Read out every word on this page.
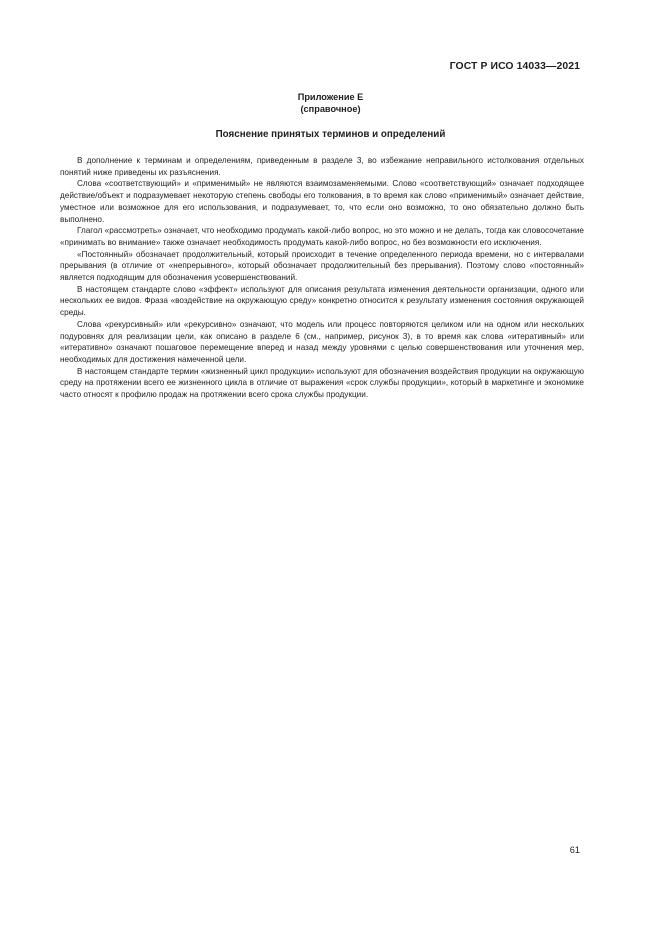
ГОСТ Р ИСО 14033—2021
Приложение Е
(справочное)
Пояснение принятых терминов и определений

В дополнение к терминам и определениям, приведенным в разделе 3, во избежание неправильного истолкования отдельных понятий ниже приведены их разъяснения.

Слова «соответствующий» и «применимый» не являются взаимозаменяемыми. Слово «соответствующий» означает подходящее действие/объект и подразумевает некоторую степень свободы его толкования, в то время как слово «применимый» означает действие, уместное или возможное для его использования, и подразумевает, то, что если оно возможно, то оно обязательно должно быть выполнено.

Глагол «рассмотреть» означает, что необходимо продумать какой-либо вопрос, но это можно и не делать, тогда как словосочетание «принимать во внимание» также означает необходимость продумать какой-либо вопрос, но без возможности его исключения.

«Постоянный» обозначает продолжительный, который происходит в течение определенного периода времени, но с интервалами прерывания (в отличие от «непрерывного», который обозначает продолжительный без прерывания). Поэтому слово «постоянный» является подходящим для обозначения усовершенствований.

В настоящем стандарте слово «эффект» используют для описания результата изменения деятельности организации, одного или нескольких ее видов. Фраза «воздействие на окружающую среду» конкретно относится к результату изменения состояния окружающей среды.

Слова «рекурсивный» или «рекурсивно» означают, что модель или процесс повторяются целиком или на одном или нескольких подуровнях для реализации цели, как описано в разделе 6 (см., например, рисунок 3), в то время как слова «итеративный» или «итеративно» означают пошаговое перемещение вперед и назад между уровнями с целью совершенствования или уточнения мер, необходимых для достижения намеченной цели.

В настоящем стандарте термин «жизненный цикл продукции» используют для обозначения воздействия продукции на окружающую среду на протяжении всего ее жизненного цикла в отличие от выражения «срок службы продукции», который в маркетинге и экономике часто относят к профилю продаж на протяжении всего срока службы продукции.

61
